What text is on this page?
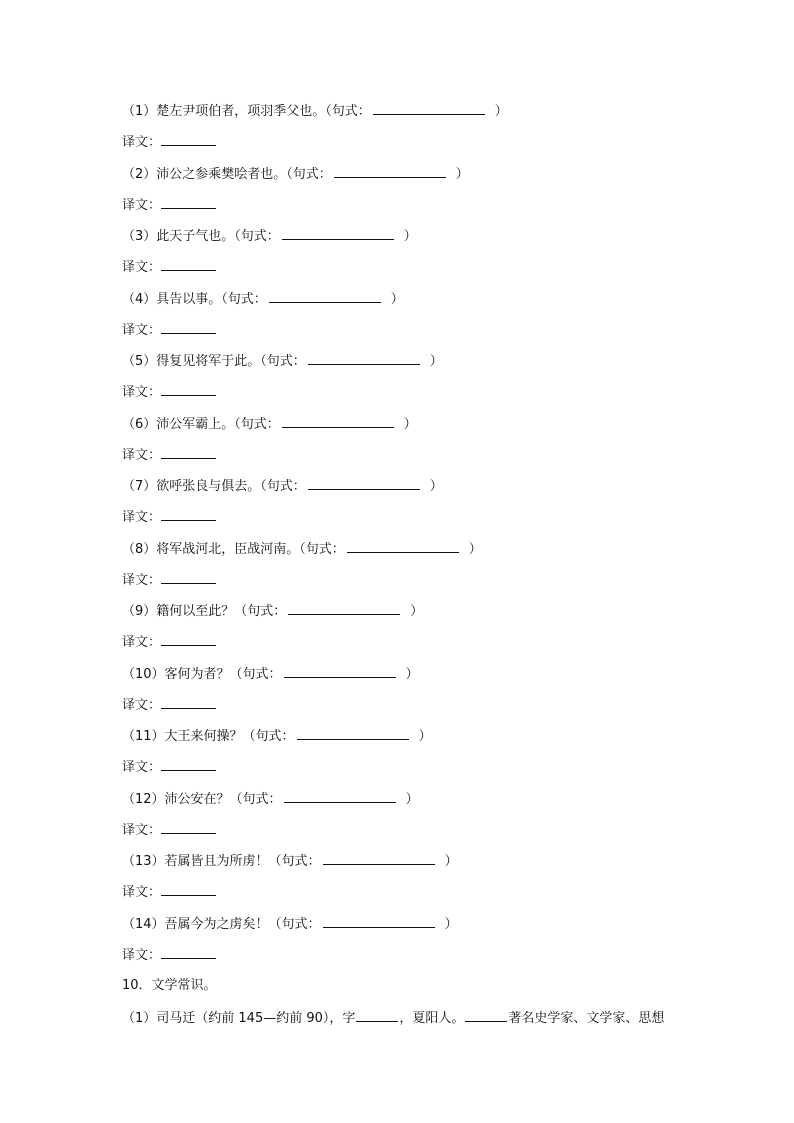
（1）楚左尹项伯者，项羽季父也。（句式：	）
译文：
（2）沛公之参乘樊哙者也。（句式：	）
译文：
（3）此天子气也。（句式：	）
译文：
（4）具告以事。（句式：	）
译文：
（5）得复见将军于此。（句式：	）
译文：
（6）沛公军霸上。（句式：	）
译文：
（7）欲呼张良与俱去。（句式：	）
译文：
（8）将军战河北，臣战河南。（句式：	）
译文：
（9）籍何以至此？（句式：	）
译文：
（10）客何为者？（句式：	）
译文：
（11）大王来何操？（句式：	）
译文：
（12）沛公安在？（句式：	）
译文：
（13）若属皆且为所虏！（句式：	）
译文：
（14）吾属今为之虏矣！（句式：	）
译文：
10．文学常识。
（1）司马迁（约前 145—约前 90），字	，夏阳人。	著名史学家、文学家、思想
